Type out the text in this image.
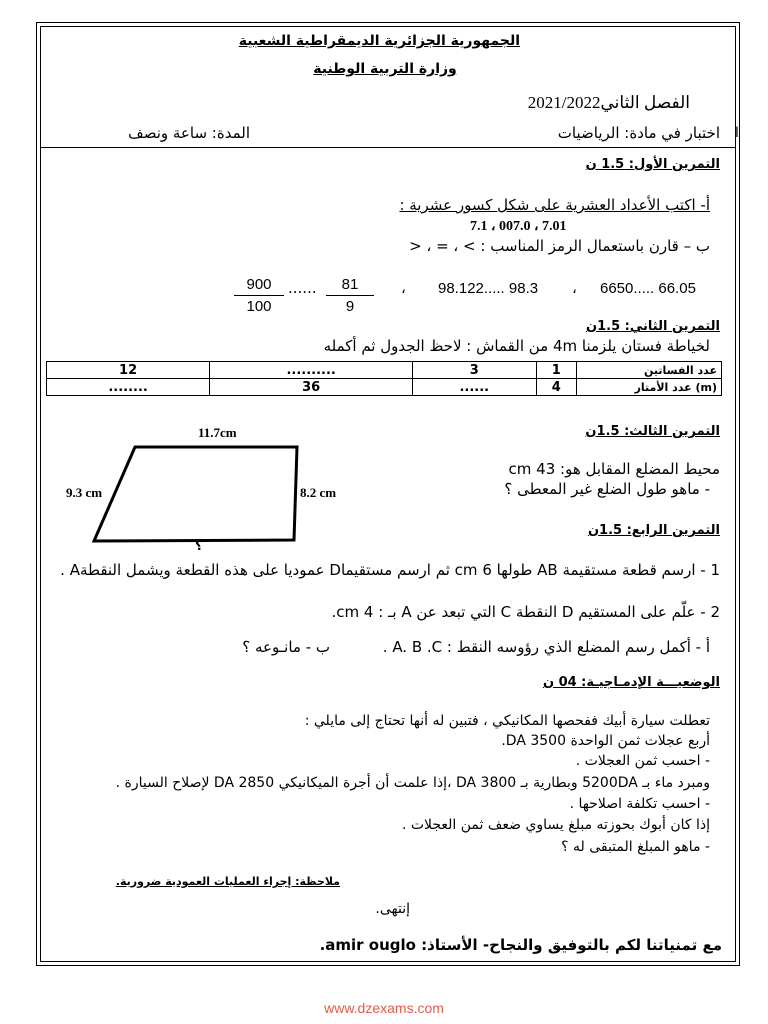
الجمهورية الجزائرية الديمقراطية الشعبية
وزارة التربية الوطنية
الفصل الثاني2021/2022
اختبار في مادة: الرياضيات
المدة: ساعة ونصف	ا
التمرين الأول: 1.5 ن
أ- اكتب الأعداد العشرية على شكل كسور عشرية :
7.1 ، 007.0 ، 7.01
ب – قارن باستعمال الرمز المناسب : > ، = ، <
6650..... 66.05
،
98.122..... 98.3
،
81
9
......
900
100
التمرين الثاني: 1.5ن
لخياطة فستان يلزمنا 4m من القماش : لاحظ الجدول ثم أكمله
12	..........	3	1	عدد الفساتين
........	36	......	4	عدد الأمتار (m)
التمرين الثالث: 1.5ن
11.7cm
9.3 cm	8.2 cm
؟
محيط المضلع المقابل هو: 43 cm
- ماهو طول الضلع غير المعطى ؟
التمرين الرابع: 1.5ن
1 - ارسم قطعة مستقيمة AB طولها 6 cm ثم ارسم مستقيماD عموديا على هذه القطعة ويشمل النقطةA .
2 - علّم على المستقيم D النقطة C التي تبعد عن A بـ : 4 cm.
أ - أكمل رسم المضلع الذي رؤوسه النقط : A. B .C .
ب - مانـوعه ؟
الوضعيـــة الإدمـاجيـة: 04 ن
تعطلت سيارة أبيك ففحصها المكانيكي ، فتبين له أنها تحتاج إلى مايلي :
أربع عجلات ثمن الواحدة 3500 DA.
- احسب ثمن العجلات .
ومبرد ماء بـ 5200DA وبطارية بـ 3800 DA ،إذا علمت أن أجرة الميكانيكي 2850 DA لإصلاح السيارة .
- احسب تكلفة اصلاحها .
إذا كان أبوك بحوزته مبلغ يساوي ضعف ثمن العجلات .
- ماهو المبلغ المتبقى له ؟
ملاحظة: إجراء العمليات العمودية ضرورية.
إنتهى.
مع تمنياتنا لكم بالتوفيق والنجاح- الأستاذ: amir ouglo.
www.dzexams.com
